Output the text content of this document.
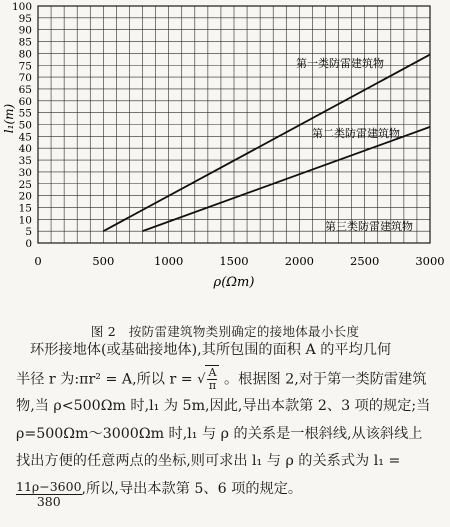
0	500	1000	1500	2000	2500	3000
0
5
10
15
20
25
30
35
40
45
50
55
60
65
70
75
80
85
90
95
100
ρ(Ωm)
l₁(m)
第一类防雷建筑物
第二类防雷建筑物
第三类防雷建筑物
图 2　按防雷建筑物类别确定的接地体最小长度
环形接地体(或基础接地体),其所包围的面积 A 的平均几何
半径 r 为:πr² = A,所以 r = √ $\frac{A}{\pi}$ 。根据图 2,对于第一类防雷建筑
物,当 ρ<500Ωm 时,l₁ 为 5m,因此,导出本款第 2、3 项的规定;当
ρ=500Ωm～3000Ωm 时,l₁ 与 ρ 的关系是一根斜线,从该斜线上
找出方便的任意两点的坐标,则可求出 l₁ 与 ρ 的关系式为 l₁ =
$\frac{11\rho-3600}{380}$,所以,导出本款第 5、6 项的规定。
